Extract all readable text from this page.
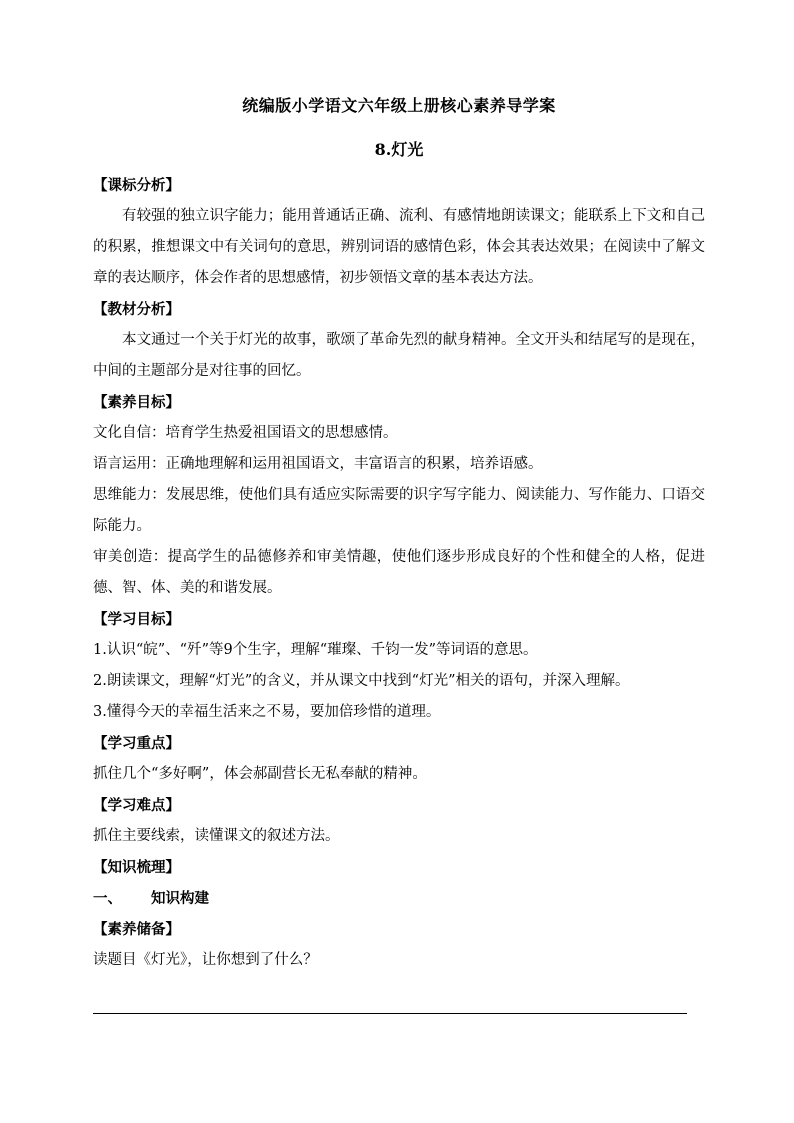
统编版小学语文六年级上册核心素养导学案
8.灯光

【课标分析】

有较强的独立识字能力；能用普通话正确、流利、有感情地朗读课文；能联系上下文和自己的积累，推想课文中有关词句的意思，辨别词语的感情色彩，体会其表达效果；在阅读中了解文章的表达顺序，体会作者的思想感情，初步领悟文章的基本表达方法。

【教材分析】

本文通过一个关于灯光的故事，歌颂了革命先烈的献身精神。全文开头和结尾写的是现在，中间的主题部分是对往事的回忆。

【素养目标】

文化自信：培育学生热爱祖国语文的思想感情。

语言运用：正确地理解和运用祖国语文，丰富语言的积累，培养语感。

思维能力：发展思维，使他们具有适应实际需要的识字写字能力、阅读能力、写作能力、口语交际能力。

审美创造：提高学生的品德修养和审美情趣，使他们逐步形成良好的个性和健全的人格，促进德、智、体、美的和谐发展。

【学习目标】

1.认识“皖”、“歼”等9个生字，理解“璀璨、千钧一发”等词语的意思。

2.朗读课文，理解“灯光”的含义，并从课文中找到“灯光”相关的语句，并深入理解。

3.懂得今天的幸福生活来之不易，要加倍珍惜的道理。

【学习重点】

抓住几个“多好啊”，体会郝副营长无私奉献的精神。

【学习难点】

抓住主要线索，读懂课文的叙述方法。

【知识梳理】

一、 知识构建

【素养储备】

读题目《灯光》，让你想到了什么？
